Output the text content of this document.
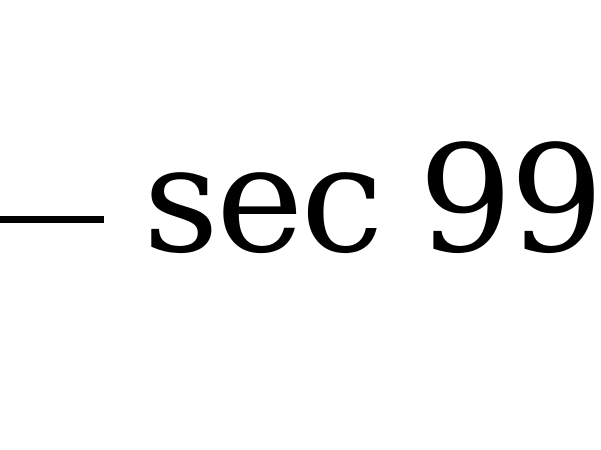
sec 99
